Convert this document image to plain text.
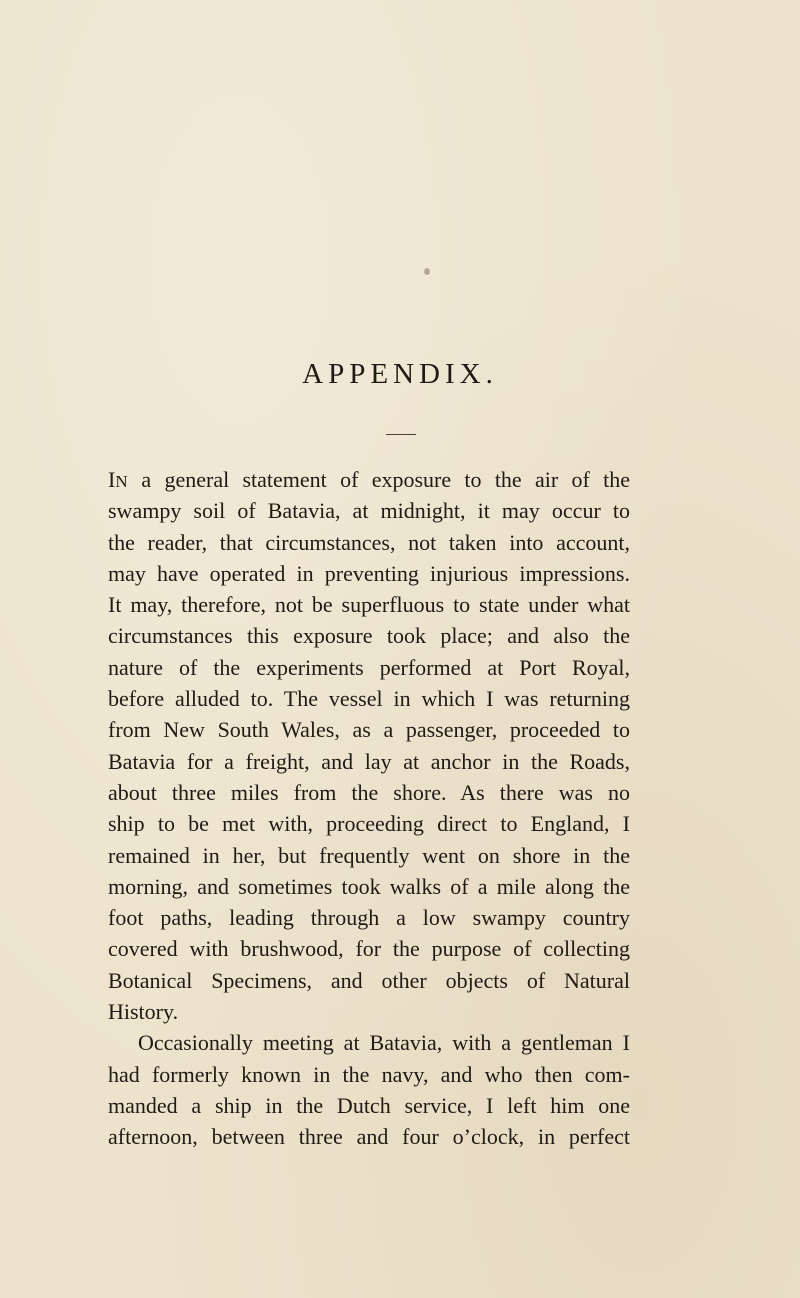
APPENDIX.
IN a general statement of exposure to the air of the
swampy soil of Batavia, at midnight, it may occur to
the reader, that circumstances, not taken into account,
may have operated in preventing injurious impressions.
It may, therefore, not be superfluous to state under what
circumstances this exposure took place; and also the
nature of the experiments performed at Port Royal,
before alluded to. The vessel in which I was returning
from New South Wales, as a passenger, proceeded to
Batavia for a freight, and lay at anchor in the Roads,
about three miles from the shore. As there was no
ship to be met with, proceeding direct to England, I
remained in her, but frequently went on shore in the
morning, and sometimes took walks of a mile along the
foot paths, leading through a low swampy country
covered with brushwood, for the purpose of collecting
Botanical Specimens, and other objects of Natural
History.
Occasionally meeting at Batavia, with a gentleman I
had formerly known in the navy, and who then com-
manded a ship in the Dutch service, I left him one
afternoon, between three and four o’clock, in perfect
